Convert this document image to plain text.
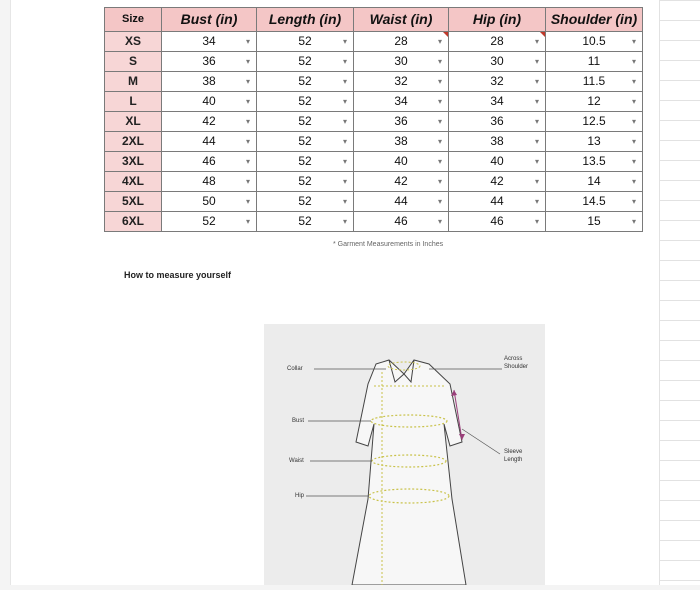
Size	Bust (in)	Length (in)	Waist (in)	Hip (in)	Shoulder (in)
XS	34 ▾	52 ▾	28 ▾	28 ▾	10.5 ▾

S	36 ▾	52 ▾	30 ▾	30 ▾	11 ▾

M	38 ▾	52 ▾	32 ▾	32 ▾	11.5 ▾

L	40 ▾	52 ▾	34 ▾	34 ▾	12 ▾

XL	42 ▾	52 ▾	36 ▾	36 ▾	12.5 ▾

2XL	44 ▾	52 ▾	38 ▾	38 ▾	13 ▾

3XL	46 ▾	52 ▾	40 ▾	40 ▾	13.5 ▾

4XL	48 ▾	52 ▾	42 ▾	42 ▾	14 ▾

5XL	50 ▾	52 ▾	44 ▾	44 ▾	14.5 ▾

6XL	52 ▾	52 ▾	46 ▾	46 ▾	15 ▾
* Garment Measurements in Inches
How to measure yourself
Collar
Across
Shoulder
Bust
Waist
Hip
Sleeve
Length
